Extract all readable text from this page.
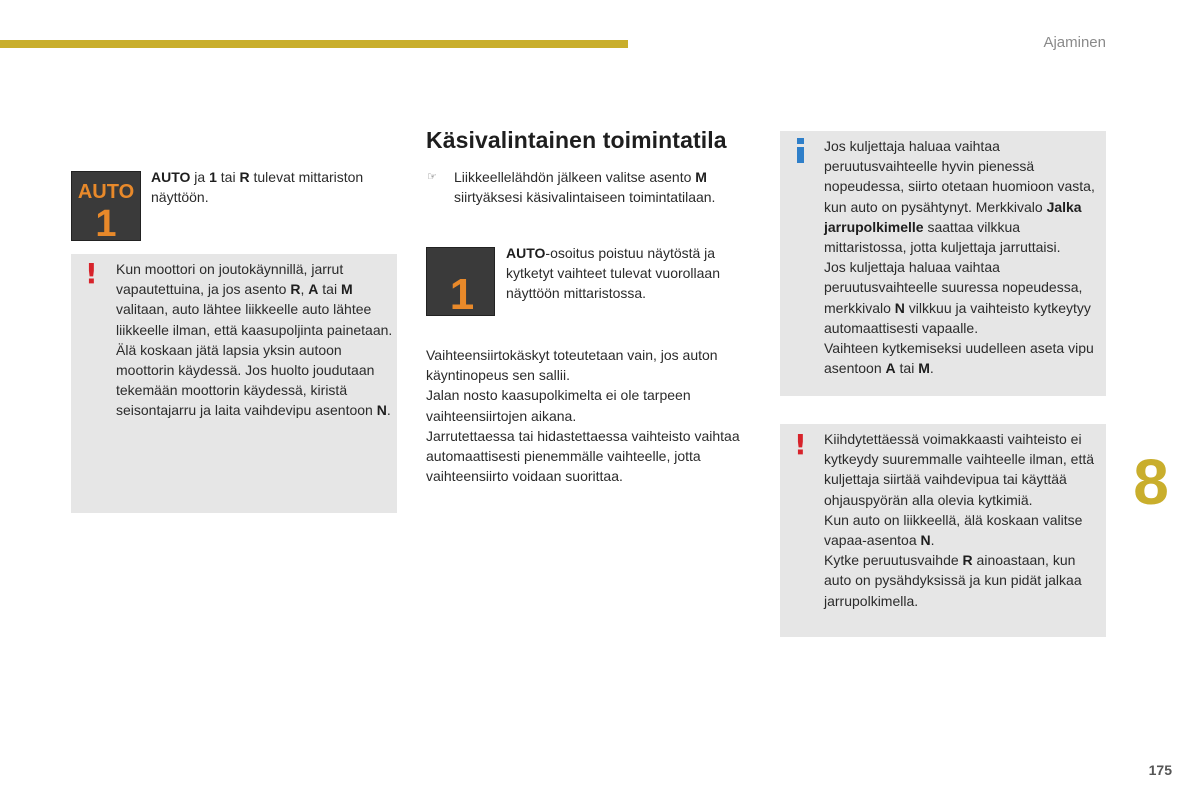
Ajaminen
AUTO
1
AUTO ja 1 tai R tulevat mittariston näyttöön.
! Kun moottori on joutokäynnillä, jarrut vapautettuina, ja jos asento R, A tai M valitaan, auto lähtee liikkeelle auto lähtee liikkeelle ilman, että kaasupoljinta painetaan. Älä koskaan jätä lapsia yksin autoon moottorin käydessä. Jos huolto joudutaan tekemään moottorin käydessä, kiristä seisontajarru ja laita vaihdevipu asentoon N.
Käsivalintainen toimintatila
☞ Liikkeellelähdön jälkeen valitse asento M siirtyäksesi käsivalintaiseen toimintatilaan.
1
AUTO-osoitus poistuu näytöstä ja kytketyt vaihteet tulevat vuorollaan näyttöön mittaristossa.

Vaihteensiirtokäskyt toteutetaan vain, jos auton käyntinopeus sen sallii.

Jalan nosto kaasupolkimelta ei ole tarpeen vaihteensiirtojen aikana.

Jarrutettaessa tai hidastettaessa vaihteisto vaihtaa automaattisesti pienemmälle vaihteelle, jotta vaihteensiirto voidaan suorittaa.

Jos kuljettaja haluaa vaihtaa peruutusvaihteelle hyvin pienessä nopeudessa, siirto otetaan huomioon vasta, kun auto on pysähtynyt. Merkkivalo Jalka jarrupolkimelle saattaa vilkkua mittaristossa, jotta kuljettaja jarruttaisi.

Jos kuljettaja haluaa vaihtaa peruutusvaihteelle suuressa nopeudessa, merkkivalo N vilkkuu ja vaihteisto kytkeytyy automaattisesti vapaalle.

Vaihteen kytkemiseksi uudelleen aseta vipu asentoon A tai M.

! Kiihdytettäessä voimakkaasti vaihteisto ei kytkeydy suuremmalle vaihteelle ilman, että kuljettaja siirtää vaihdevipua tai käyttää ohjauspyörän alla olevia kytkimiä.

Kun auto on liikkeellä, älä koskaan valitse vapaa-asentoa N.

Kytke peruutusvaihde R ainoastaan, kun auto on pysähdyksissä ja kun pidät jalkaa jarrupolkimella.

8
175
